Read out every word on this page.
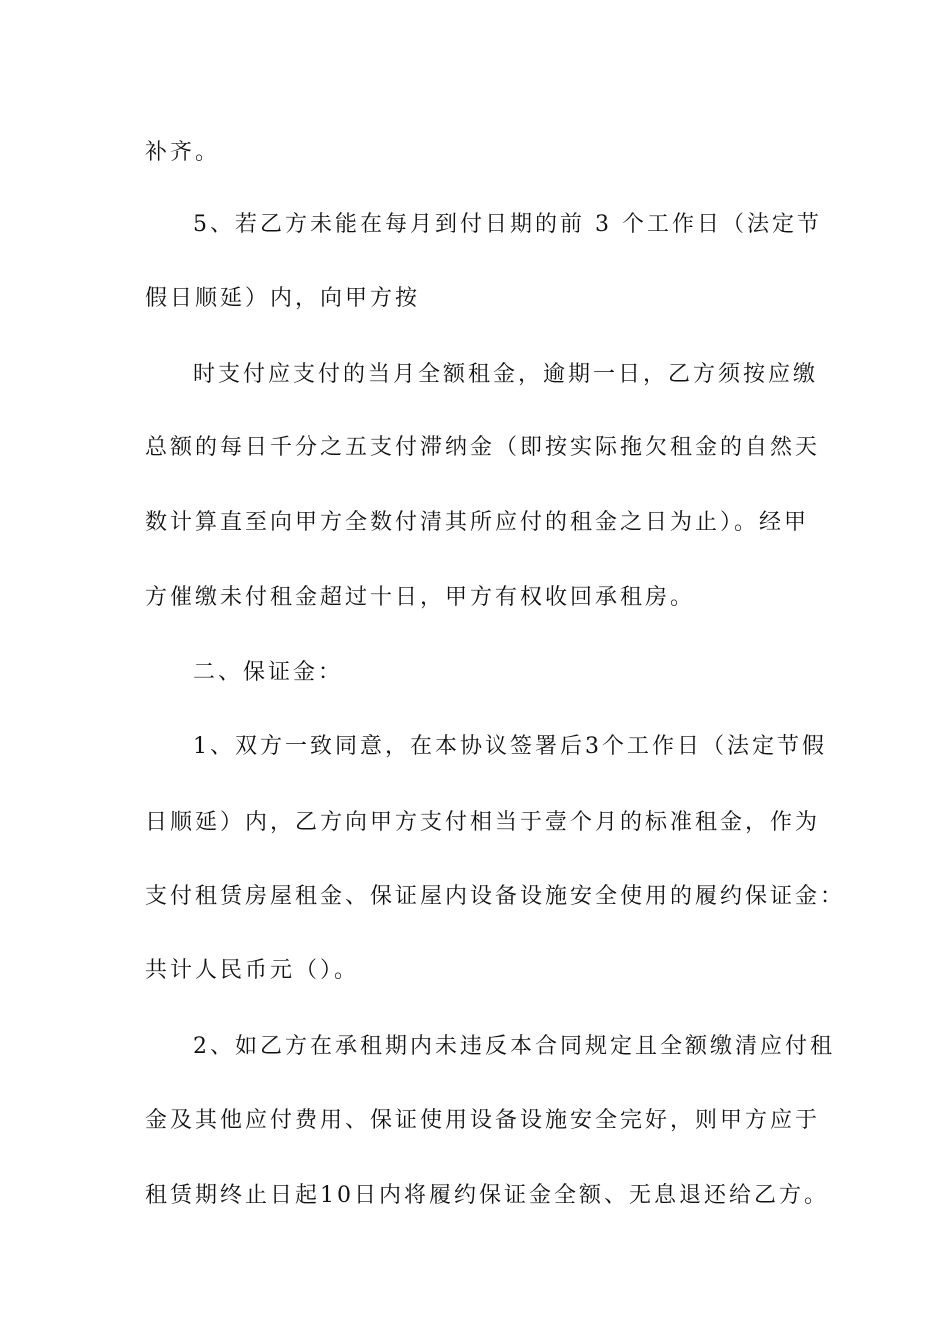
补齐。
5、若乙方未能在每月到付日期的前 3 个工作日（法定节
假日顺延）内，向甲方按
时支付应支付的当月全额租金，逾期一日，乙方须按应缴
总额的每日千分之五支付滞纳金（即按实际拖欠租金的自然天
数计算直至向甲方全数付清其所应付的租金之日为止）。经甲
方催缴未付租金超过十日，甲方有权收回承租房。
二、保证金：
1、双方一致同意，在本协议签署后3个工作日（法定节假
日顺延）内，乙方向甲方支付相当于壹个月的标准租金，作为
支付租赁房屋租金、保证屋内设备设施安全使用的履约保证金：
共计人民币元（）。
2、如乙方在承租期内未违反本合同规定且全额缴清应付租
金及其他应付费用、保证使用设备设施安全完好，则甲方应于
租赁期终止日起10日内将履约保证金全额、无息退还给乙方。
